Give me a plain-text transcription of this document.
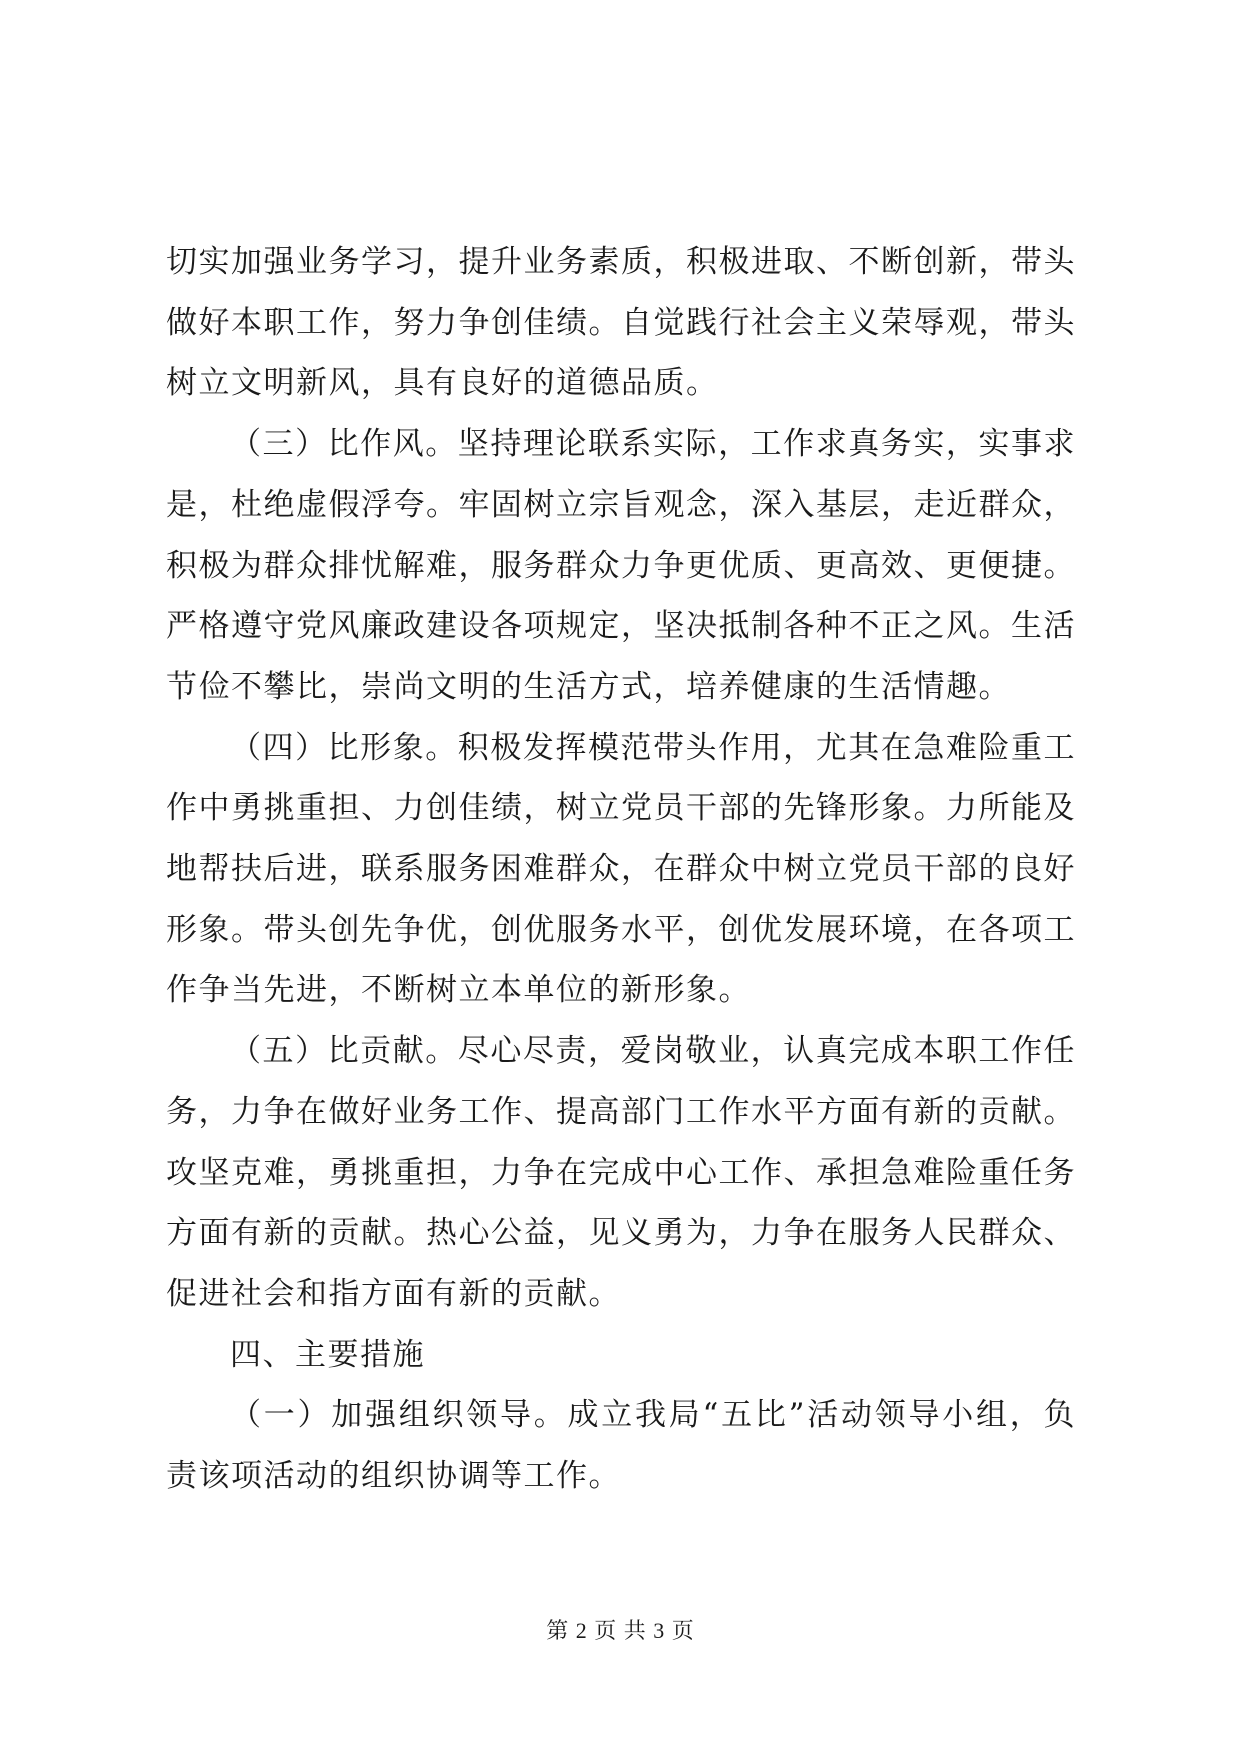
切实加强业务学习，提升业务素质，积极进取、不断创新，带头做好本职工作，努力争创佳绩。自觉践行社会主义荣辱观，带头树立文明新风，具有良好的道德品质。

（三）比作风。坚持理论联系实际，工作求真务实，实事求是，杜绝虚假浮夸。牢固树立宗旨观念，深入基层，走近群众，积极为群众排忧解难，服务群众力争更优质、更高效、更便捷。严格遵守党风廉政建设各项规定，坚决抵制各种不正之风。生活节俭不攀比，崇尚文明的生活方式，培养健康的生活情趣。

（四）比形象。积极发挥模范带头作用，尤其在急难险重工作中勇挑重担、力创佳绩，树立党员干部的先锋形象。力所能及地帮扶后进，联系服务困难群众，在群众中树立党员干部的良好形象。带头创先争优，创优服务水平，创优发展环境，在各项工作争当先进，不断树立本单位的新形象。

（五）比贡献。尽心尽责，爱岗敬业，认真完成本职工作任务，力争在做好业务工作、提高部门工作水平方面有新的贡献。攻坚克难，勇挑重担，力争在完成中心工作、承担急难险重任务方面有新的贡献。热心公益，见义勇为，力争在服务人民群众、促进社会和指方面有新的贡献。

四、主要措施

（一）加强组织领导。成立我局“五比”活动领导小组，负责该项活动的组织协调等工作。

第 2 页 共 3 页
